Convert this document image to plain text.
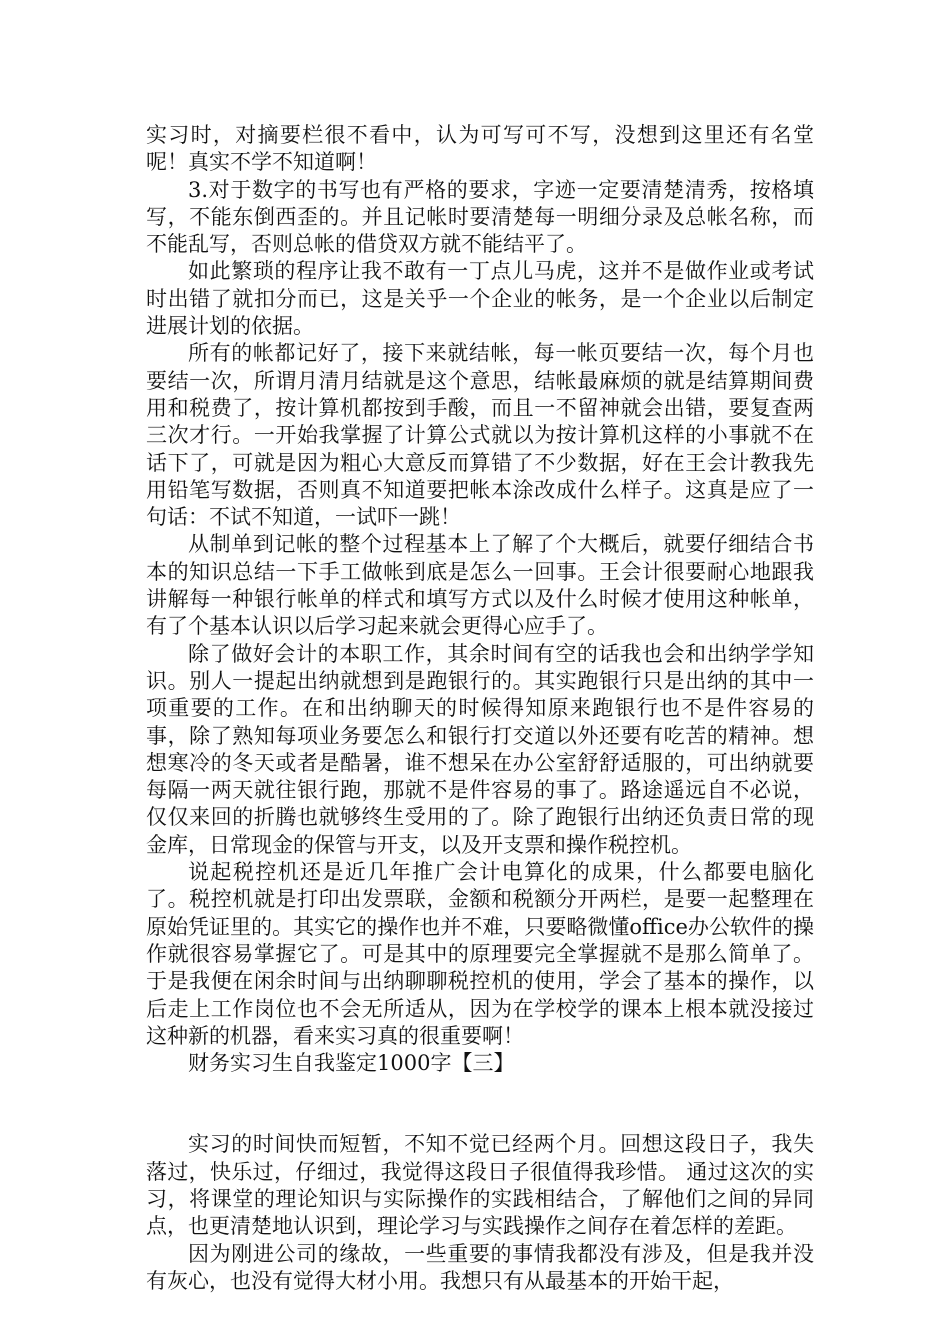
实习时，对摘要栏很不看中，认为可写可不写，没想到这里还有名堂呢！真实不学不知道啊！

3.对于数字的书写也有严格的要求，字迹一定要清楚清秀，按格填写，不能东倒西歪的。并且记帐时要清楚每一明细分录及总帐名称，而不能乱写，否则总帐的借贷双方就不能结平了。

如此繁琐的程序让我不敢有一丁点儿马虎，这并不是做作业或考试时出错了就扣分而已，这是关乎一个企业的帐务，是一个企业以后制定进展计划的依据。

所有的帐都记好了，接下来就结帐，每一帐页要结一次，每个月也要结一次，所谓月清月结就是这个意思，结帐最麻烦的就是结算期间费用和税费了，按计算机都按到手酸，而且一不留神就会出错，要复查两三次才行。一开始我掌握了计算公式就以为按计算机这样的小事就不在话下了，可就是因为粗心大意反而算错了不少数据，好在王会计教我先用铅笔写数据，否则真不知道要把帐本涂改成什么样子。这真是应了一句话：不试不知道，一试吓一跳！

从制单到记帐的整个过程基本上了解了个大概后，就要仔细结合书本的知识总结一下手工做帐到底是怎么一回事。王会计很要耐心地跟我讲解每一种银行帐单的样式和填写方式以及什么时候才使用这种帐单，有了个基本认识以后学习起来就会更得心应手了。

除了做好会计的本职工作，其余时间有空的话我也会和出纳学学知识。别人一提起出纳就想到是跑银行的。其实跑银行只是出纳的其中一项重要的工作。在和出纳聊天的时候得知原来跑银行也不是件容易的事，除了熟知每项业务要怎么和银行打交道以外还要有吃苦的精神。想想寒冷的冬天或者是酷暑，谁不想呆在办公室舒舒适服的，可出纳就要每隔一两天就往银行跑，那就不是件容易的事了。路途遥远自不必说，仅仅来回的折腾也就够终生受用的了。除了跑银行出纳还负责日常的现金库，日常现金的保管与开支，以及开支票和操作税控机。

说起税控机还是近几年推广会计电算化的成果，什么都要电脑化了。税控机就是打印出发票联，金额和税额分开两栏，是要一起整理在原始凭证里的。其实它的操作也并不难，只要略微懂office办公软件的操作就很容易掌握它了。可是其中的原理要完全掌握就不是那么简单了。于是我便在闲余时间与出纳聊聊税控机的使用，学会了基本的操作，以后走上工作岗位也不会无所适从，因为在学校学的课本上根本就没接过这种新的机器，看来实习真的很重要啊！

财务实习生自我鉴定1000字【三】

实习的时间快而短暂，不知不觉已经两个月。回想这段日子，我失落过，快乐过，仔细过，我觉得这段日子很值得我珍惜。 通过这次的实习，将课堂的理论知识与实际操作的实践相结合，了解他们之间的异同点，也更清楚地认识到，理论学习与实践操作之间存在着怎样的差距。

因为刚进公司的缘故，一些重要的事情我都没有涉及，但是我并没有灰心，也没有觉得大材小用。我想只有从最基本的开始干起，
